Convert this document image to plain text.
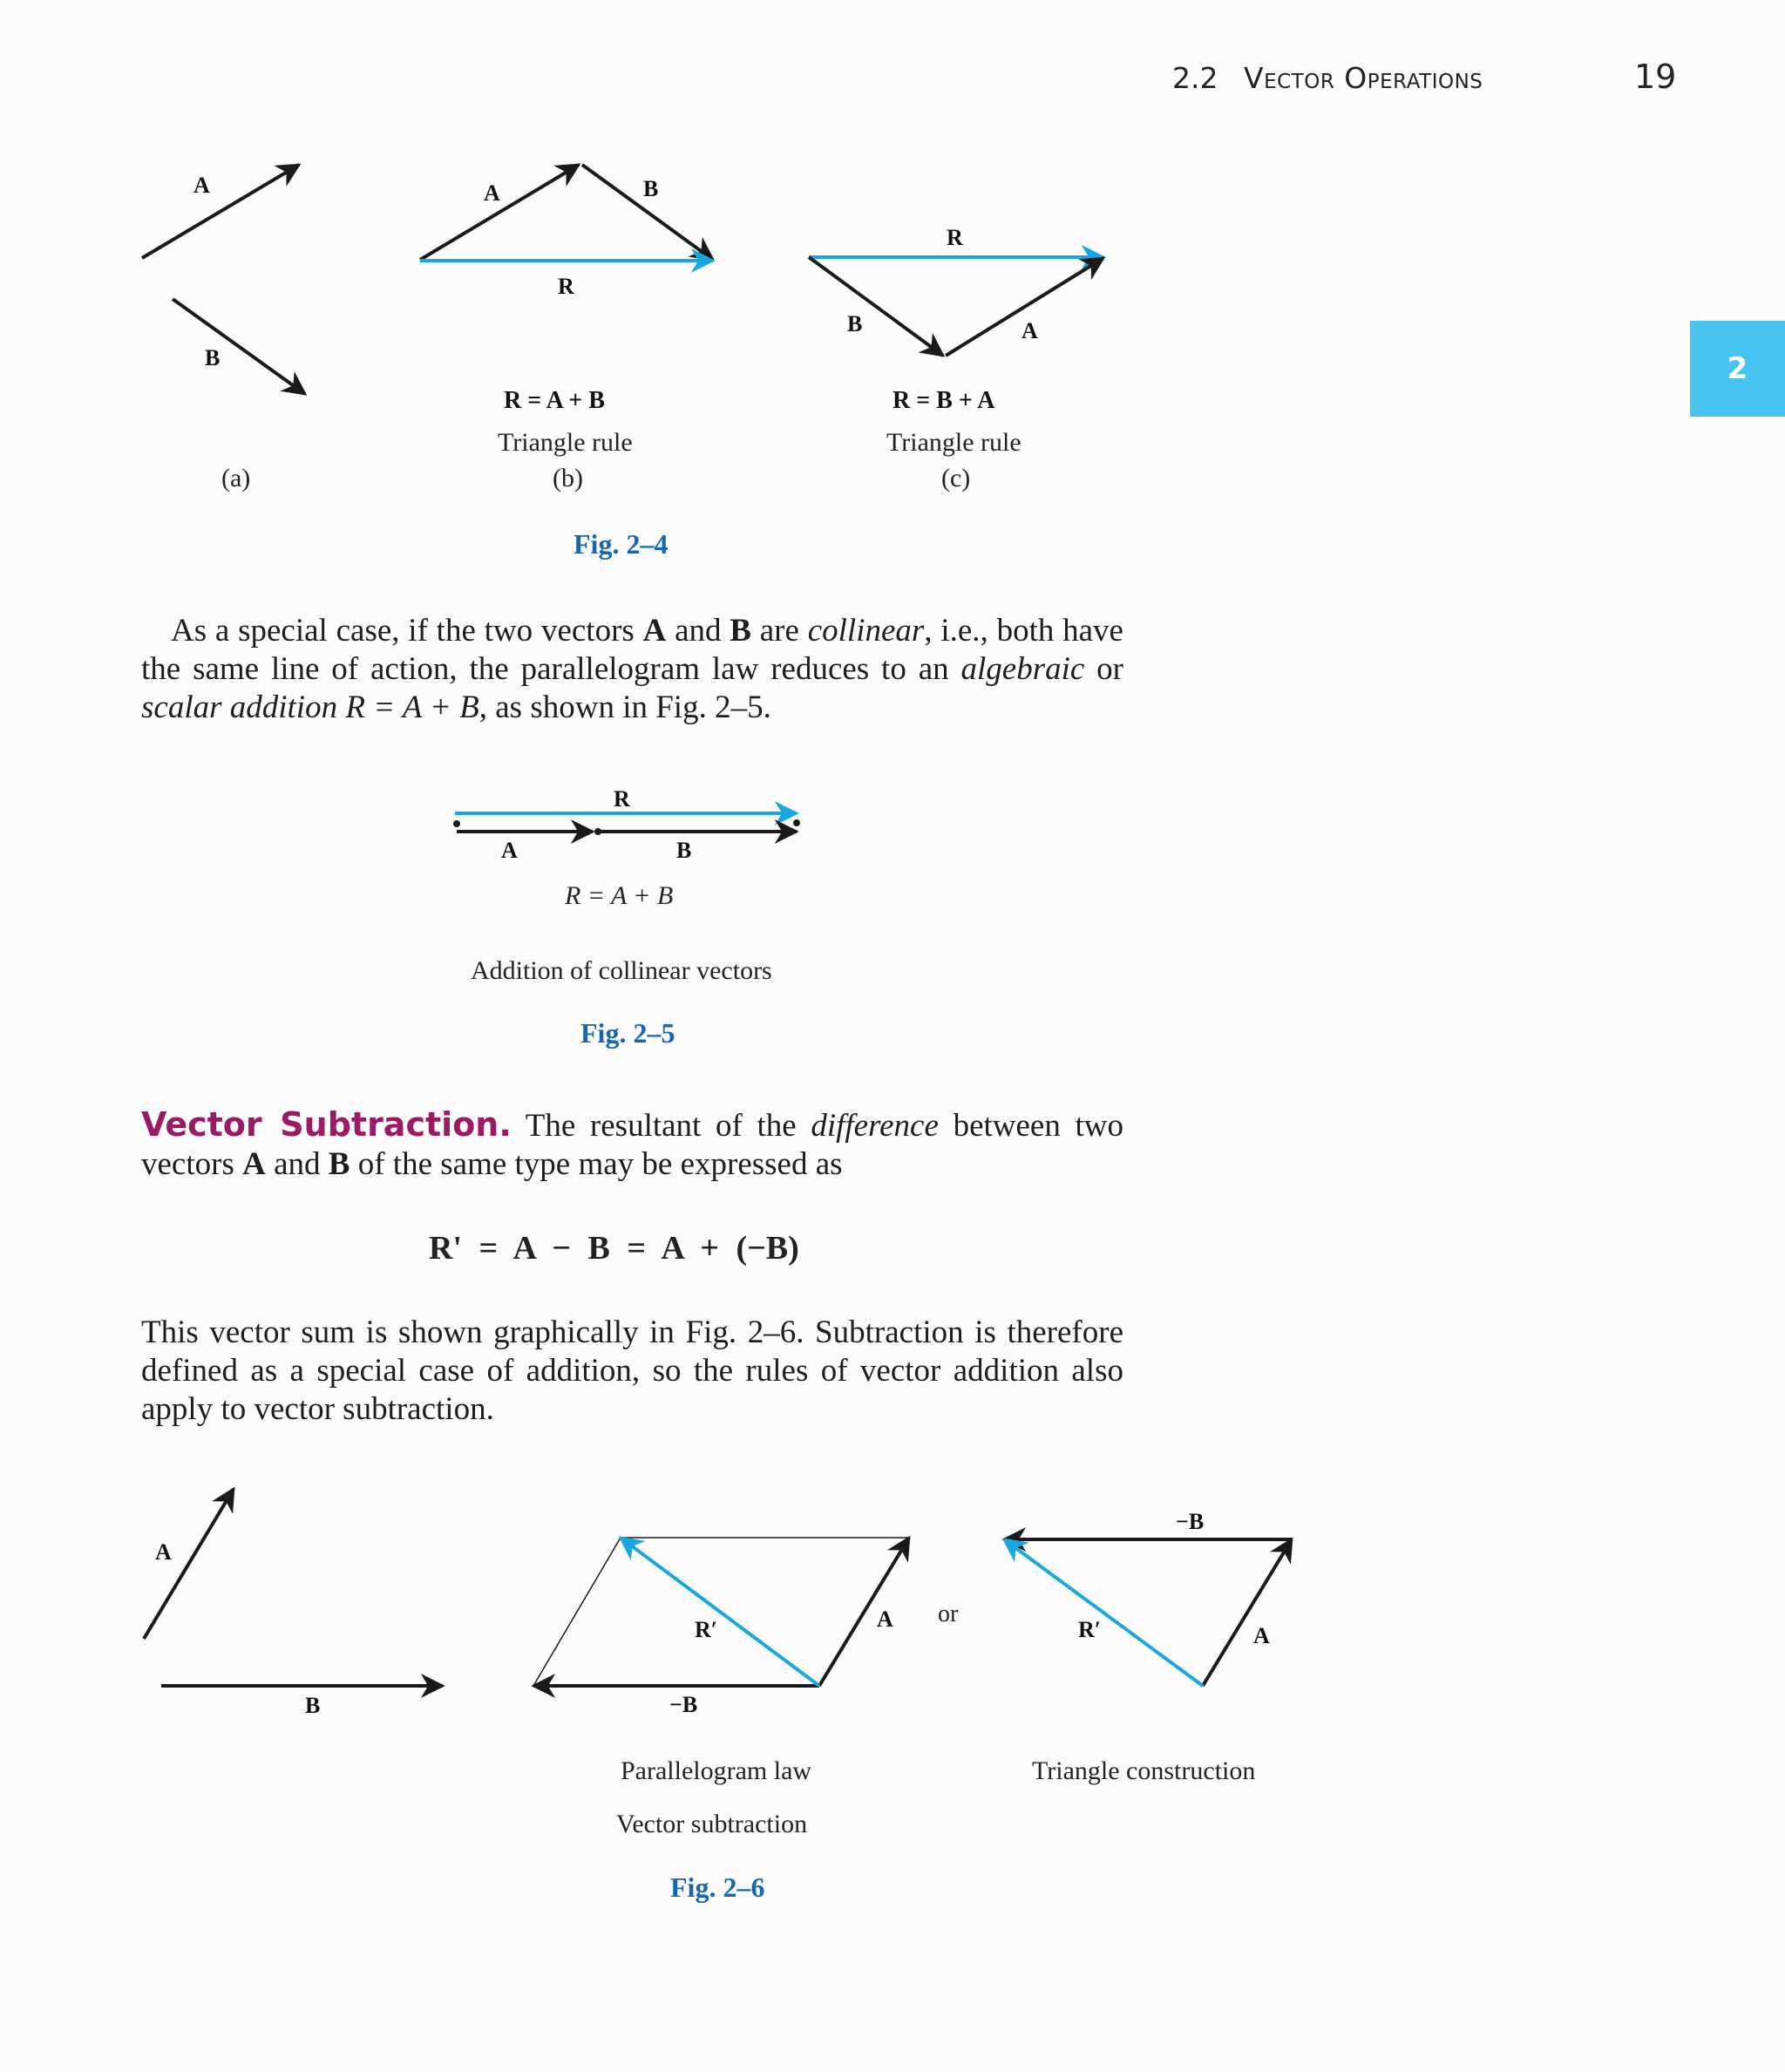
2.2 Vector Operations	19
2
A
B
(a)
A	B
R
R = A + B
Triangle rule
(b)
R
B	A
R = B + A
Triangle rule
(c)
Fig. 2–4
As a special case, if the two vectors A and B are collinear, i.e., both have the same line of action, the parallelogram law reduces to an algebraic or scalar addition R = A + B, as shown in Fig. 2–5.
R
A	B
R = A + B
Addition of collinear vectors
Fig. 2–5
Vector Subtraction. The resultant of the difference between two vectors A and B of the same type may be expressed as
R' = A − B = A + (−B)
This vector sum is shown graphically in Fig. 2–6. Subtraction is therefore defined as a special case of addition, so the rules of vector addition also apply to vector subtraction.
A
B
R′	A
−B
or
−B
R′	A
Parallelogram law	Triangle construction
Vector subtraction
Fig. 2–6
